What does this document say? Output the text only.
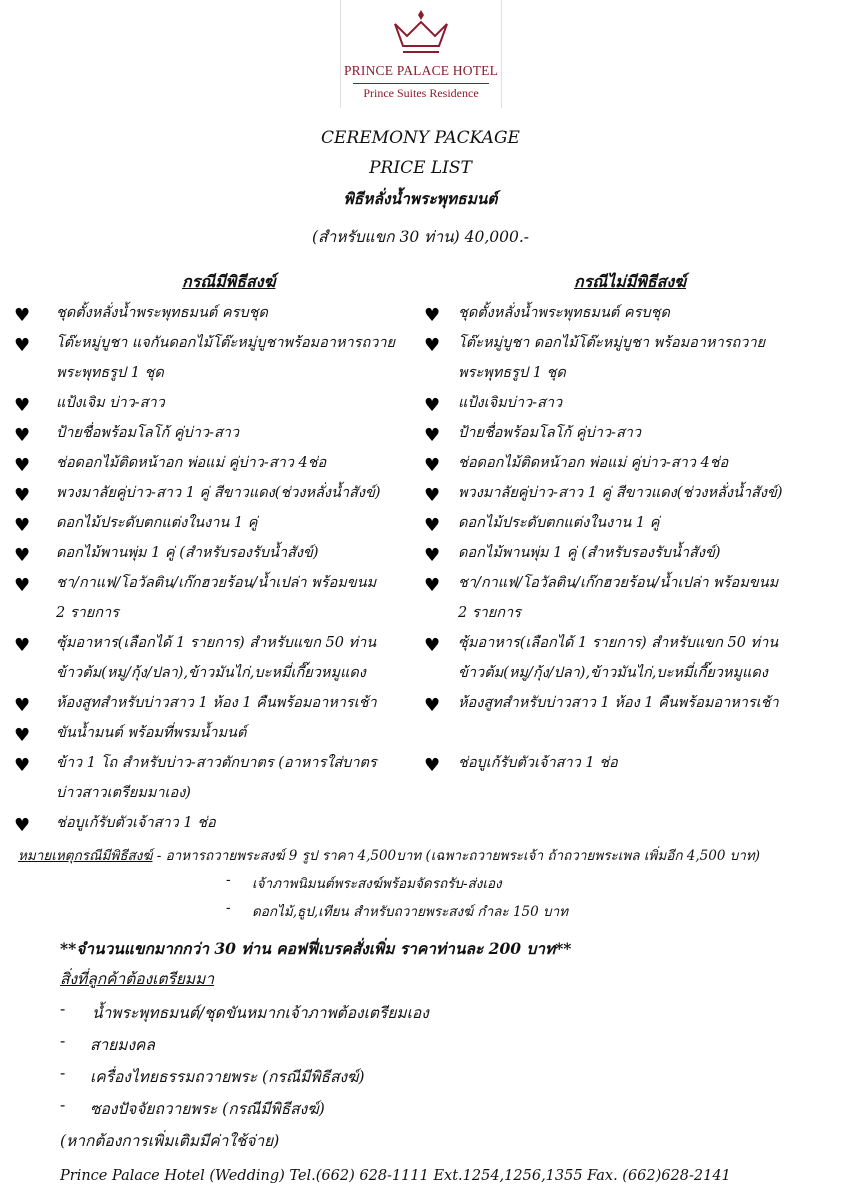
PRINCE PALACE HOTEL
Prince Suites Residence
CEREMONY PACKAGE
PRICE LIST
พิธีหลั่งน้ำพระพุทธมนต์
(สำหรับแขก 30 ท่าน) 40,000.-
กรณีมีพิธีสงฆ์	กรณีไม่มีพิธีสงฆ์
♥
♥
♥
♥
♥
♥
♥
♥
♥
♥
♥
♥
♥
♥
ชุดตั้งหลั่งน้ำพระพุทธมนต์ ครบชุด
โต๊ะหมู่บูชา แจกันดอกไม้โต๊ะหมู่บูชาพร้อมอาหารถวาย
พระพุทธรูป 1 ชุด
แป้งเจิม บ่าว-สาว
ป้ายชื่อพร้อมโลโก้ คู่บ่าว-สาว
ช่อดอกไม้ติดหน้าอก พ่อแม่ คู่บ่าว-สาว 4ช่อ
พวงมาลัยคู่บ่าว-สาว 1 คู่ สีขาวแดง(ช่วงหลั่งน้ำสังข์)
ดอกไม้ประดับตกแต่งในงาน 1 คู่
ดอกไม้พานพุ่ม 1 คู่ (สำหรับรองรับน้ำสังข์)
ชา/กาแฟ/โอวัลติน/เก๊กฮวยร้อน/น้ำเปล่า พร้อมขนม
2 รายการ
ซุ้มอาหาร(เลือกได้ 1 รายการ) สำหรับแขก 50 ท่าน
ข้าวต้ม(หมู/กุ้ง/ปลา),ข้าวมันไก่,บะหมี่เกี๊ยวหมูแดง
ห้องสูทสำหรับบ่าวสาว 1 ห้อง 1 คืนพร้อมอาหารเช้า
ขันน้ำมนต์ พร้อมที่พรมน้ำมนต์
ข้าว 1 โถ สำหรับบ่าว-สาวตักบาตร (อาหารใส่บาตร
บ่าวสาวเตรียมมาเอง)
ช่อบูเก้รับตัวเจ้าสาว 1 ช่อ
♥
♥
♥
♥
♥
♥
♥
♥
♥
♥
♥
♥
ชุดตั้งหลั่งน้ำพระพุทธมนต์ ครบชุด
โต๊ะหมู่บูชา ดอกไม้โต๊ะหมู่บูชา พร้อมอาหารถวาย
พระพุทธรูป 1 ชุด
แป้งเจิมบ่าว-สาว
ป้ายชื่อพร้อมโลโก้ คู่บ่าว-สาว
ช่อดอกไม้ติดหน้าอก พ่อแม่ คู่บ่าว-สาว 4ช่อ
พวงมาลัยคู่บ่าว-สาว 1 คู่ สีขาวแดง(ช่วงหลั่งน้ำสังข์)
ดอกไม้ประดับตกแต่งในงาน 1 คู่
ดอกไม้พานพุ่ม 1 คู่ (สำหรับรองรับน้ำสังข์)
ชา/กาแฟ/โอวัลติน/เก๊กฮวยร้อน/น้ำเปล่า พร้อมขนม
2 รายการ
ซุ้มอาหาร(เลือกได้ 1 รายการ) สำหรับแขก 50 ท่าน
ข้าวต้ม(หมู/กุ้ง/ปลา),ข้าวมันไก่,บะหมี่เกี๊ยวหมูแดง
ห้องสูทสำหรับบ่าวสาว 1 ห้อง 1 คืนพร้อมอาหารเช้า
ช่อบูเก้รับตัวเจ้าสาว 1 ช่อ
หมายเหตุกรณีมีพิธีสงฆ์ - อาหารถวายพระสงฆ์ 9 รูป ราคา 4,500บาท (เฉพาะถวายพระเจ้า ถ้าถวายพระเพล เพิ่มอีก 4,500 บาท)
- เจ้าภาพนิมนต์พระสงฆ์พร้อมจัดรถรับ-ส่งเอง
- ดอกไม้,ธูป,เทียน สำหรับถวายพระสงฆ์ กำละ 150 บาท
**จำนวนแขกมากกว่า 30 ท่าน คอฟฟี่เบรคสั่งเพิ่ม ราคาท่านละ 200 บาท**
สิ่งที่ลูกค้าต้องเตรียมมา
- น้ำพระพุทธมนต์/ชุดขันหมากเจ้าภาพต้องเตรียมเอง
- สายมงคล
- เครื่องไทยธรรมถวายพระ (กรณีมีพิธีสงฆ์)
- ซองปัจจัยถวายพระ (กรณีมีพิธีสงฆ์)
(หากต้องการเพิ่มเติมมีค่าใช้จ่าย)
Prince Palace Hotel (Wedding) Tel.(662) 628-1111 Ext.1254,1256,1355 Fax. (662)628-2141
